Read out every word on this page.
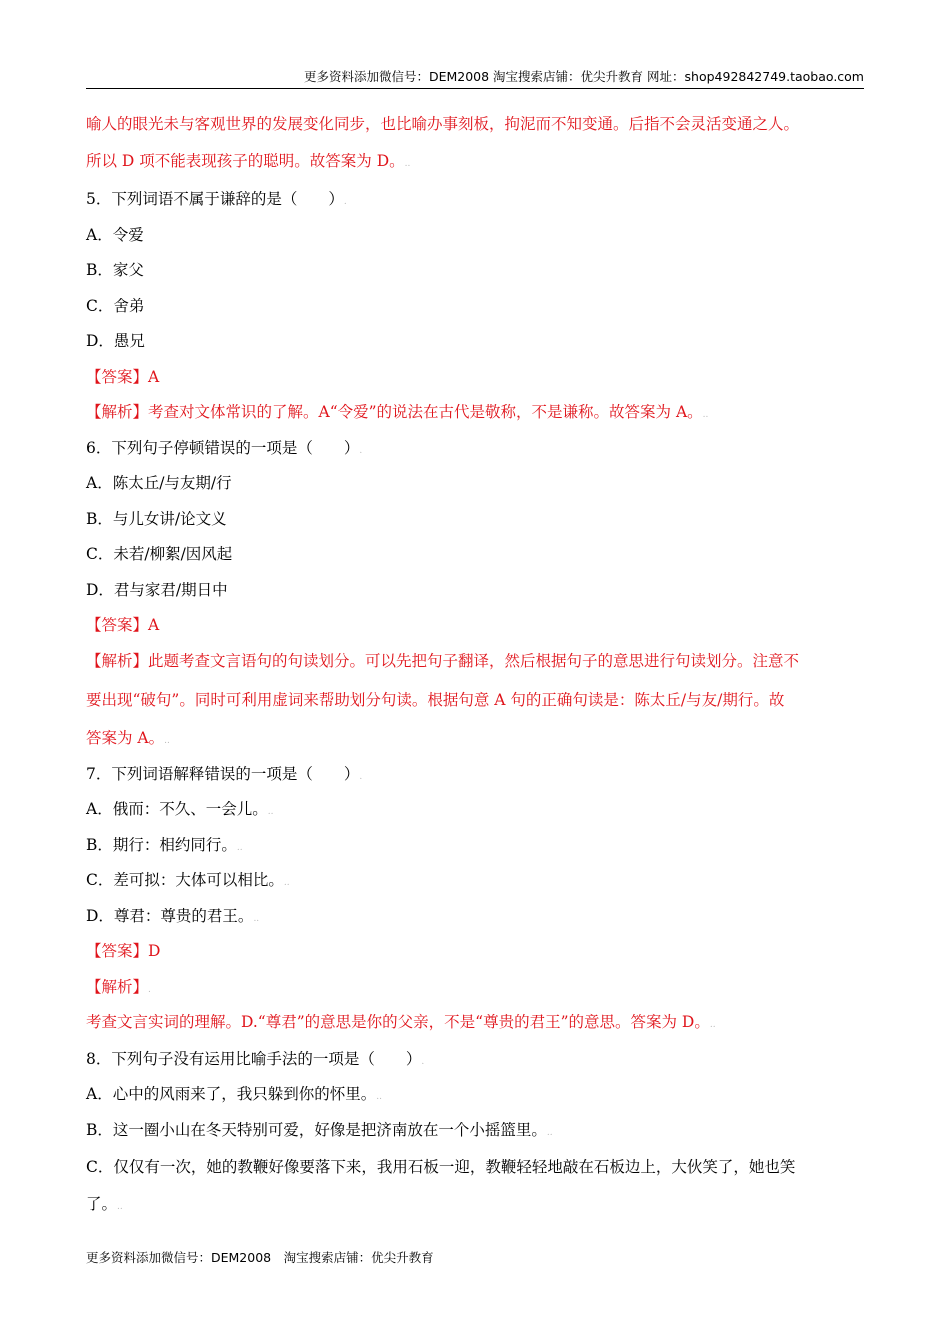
更多资料添加微信号：DEM2008 淘宝搜索店铺：优尖升教育 网址：shop492842749.taobao.com
喻人的眼光未与客观世界的发展变化同步，也比喻办事刻板，拘泥而不知变通。后指不会灵活变通之人。
所以 D 项不能表现孩子的聪明。故答案为 D。..
5．下列词语不属于谦辞的是（　　）.
A．令爱
B．家父
C．舍弟
D．愚兄
【答案】A
【解析】考查对文体常识的了解。A“令爱”的说法在古代是敬称，不是谦称。故答案为 A。..
6．下列句子停顿错误的一项是（　　）.
A．陈太丘/与友期/行
B．与儿女讲/论文义
C．未若/柳絮/因风起
D．君与家君/期日中
【答案】A
【解析】此题考查文言语句的句读划分。可以先把句子翻译，然后根据句子的意思进行句读划分。注意不
要出现“破句”。同时可利用虚词来帮助划分句读。根据句意 A 句的正确句读是：陈太丘/与友/期行。故
答案为 A。..
7．下列词语解释错误的一项是（　　）.
A．俄而：不久、一会儿。..
B．期行：相约同行。..
C．差可拟：大体可以相比。..
D．尊君：尊贵的君王。..
【答案】D
【解析】.
考查文言实词的理解。D.“尊君”的意思是你的父亲，不是“尊贵的君王”的意思。答案为 D。..
8．下列句子没有运用比喻手法的一项是（　　）.
A．心中的风雨来了，我只躲到你的怀里。..
B．这一圈小山在冬天特别可爱，好像是把济南放在一个小摇篮里。..
C．仅仅有一次，她的教鞭好像要落下来，我用石板一迎，教鞭轻轻地敲在石板边上，大伙笑了，她也笑
了。..
更多资料添加微信号：DEM2008　淘宝搜索店铺：优尖升教育
